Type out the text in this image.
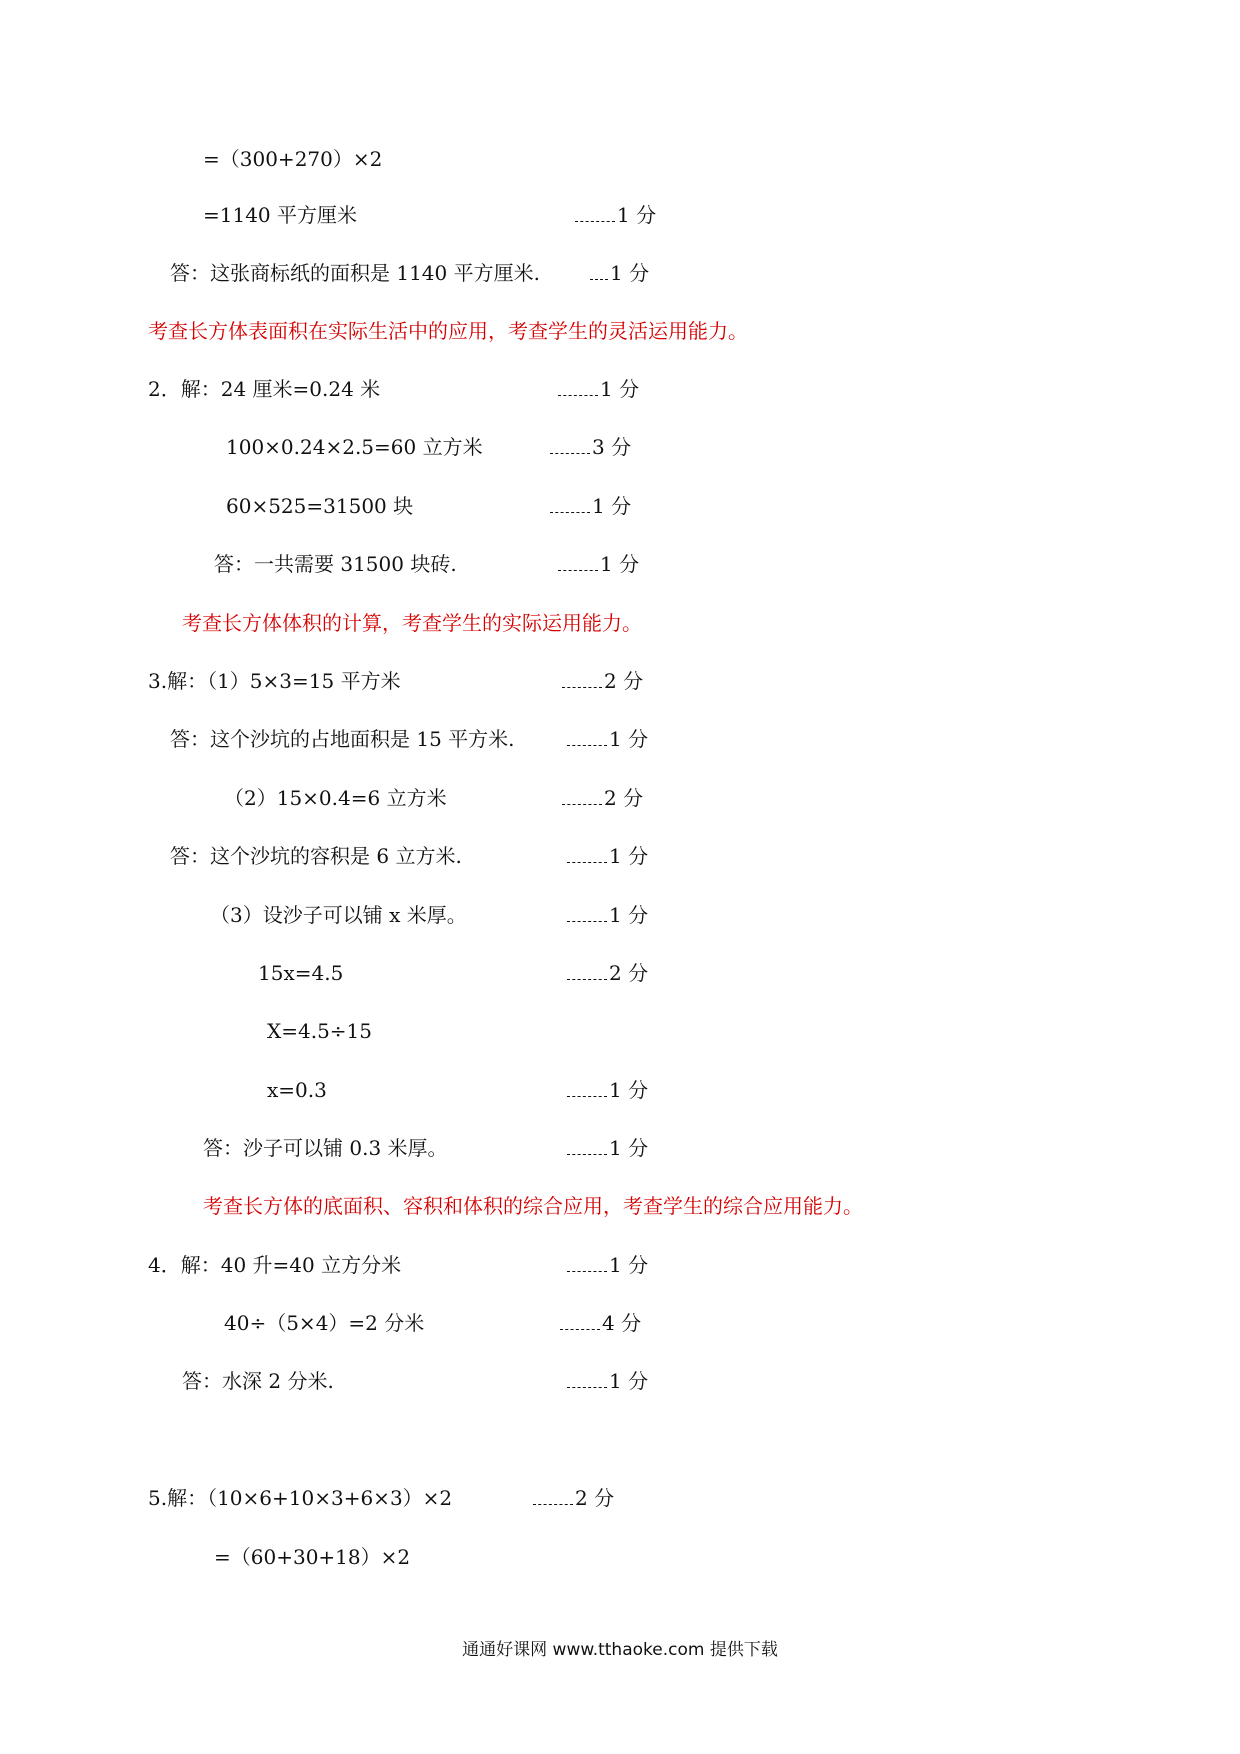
=（300+270）×2
=1140 平方厘米	1 分
答：这张商标纸的面积是 1140 平方厘米.	1 分
考查长方体表面积在实际生活中的应用，考查学生的灵活运用能力。
2．解：24 厘米=0.24 米	1 分
100×0.24×2.5=60 立方米	3 分
60×525=31500 块	1 分
答：一共需要 31500 块砖.	1 分
考查长方体体积的计算，考查学生的实际运用能力。
3.解：（1）5×3=15 平方米	2 分
答：这个沙坑的占地面积是 15 平方米.	1 分
（2）15×0.4=6 立方米	2 分
答：这个沙坑的容积是 6 立方米.	1 分
（3）设沙子可以铺 x 米厚。	1 分
15x=4.5	2 分
X=4.5÷15
x=0.3	1 分
答：沙子可以铺 0.3 米厚。	1 分
考查长方体的底面积、容积和体积的综合应用，考查学生的综合应用能力。
4．解：40 升=40 立方分米	1 分
40÷（5×4）=2 分米	4 分
答：水深 2 分米.	1 分
5.解：（10×6+10×3+6×3）×2	2 分
=（60+30+18）×2
通通好课网 www.tthaoke.com 提供下载
